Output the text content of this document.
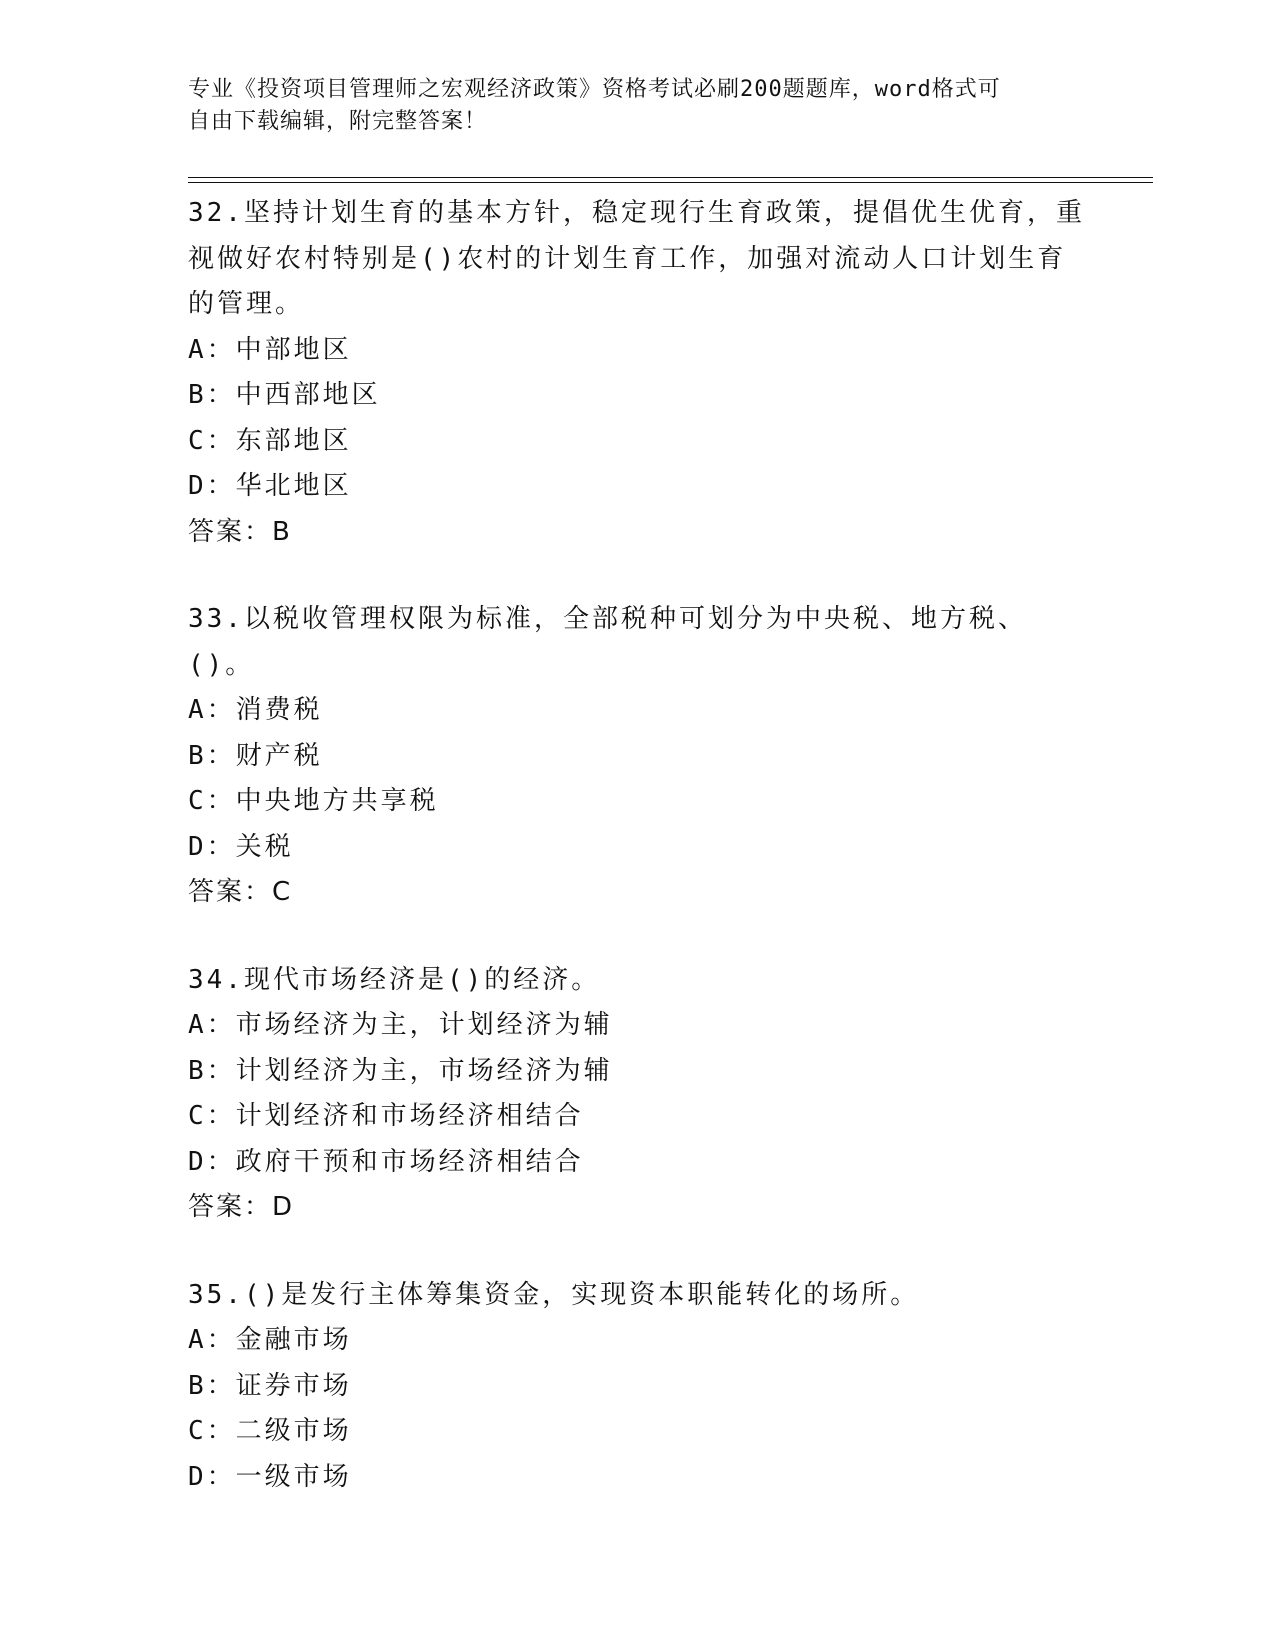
专业《投资项目管理师之宏观经济政策》资格考试必刷200题题库，word格式可
自由下载编辑，附完整答案！
32.坚持计划生育的基本方针，稳定现行生育政策，提倡优生优育，重视做好农村特别是()农村的计划生育工作，加强对流动人口计划生育的管理。
A：中部地区
B：中西部地区
C：东部地区
D：华北地区
答案：B
33.以税收管理权限为标准，全部税种可划分为中央税、地方税、()。
A：消费税
B：财产税
C：中央地方共享税
D：关税
答案：C
34.现代市场经济是()的经济。
A：市场经济为主，计划经济为辅
B：计划经济为主，市场经济为辅
C：计划经济和市场经济相结合
D：政府干预和市场经济相结合
答案：D
35.()是发行主体筹集资金，实现资本职能转化的场所。
A：金融市场
B：证券市场
C：二级市场
D：一级市场
